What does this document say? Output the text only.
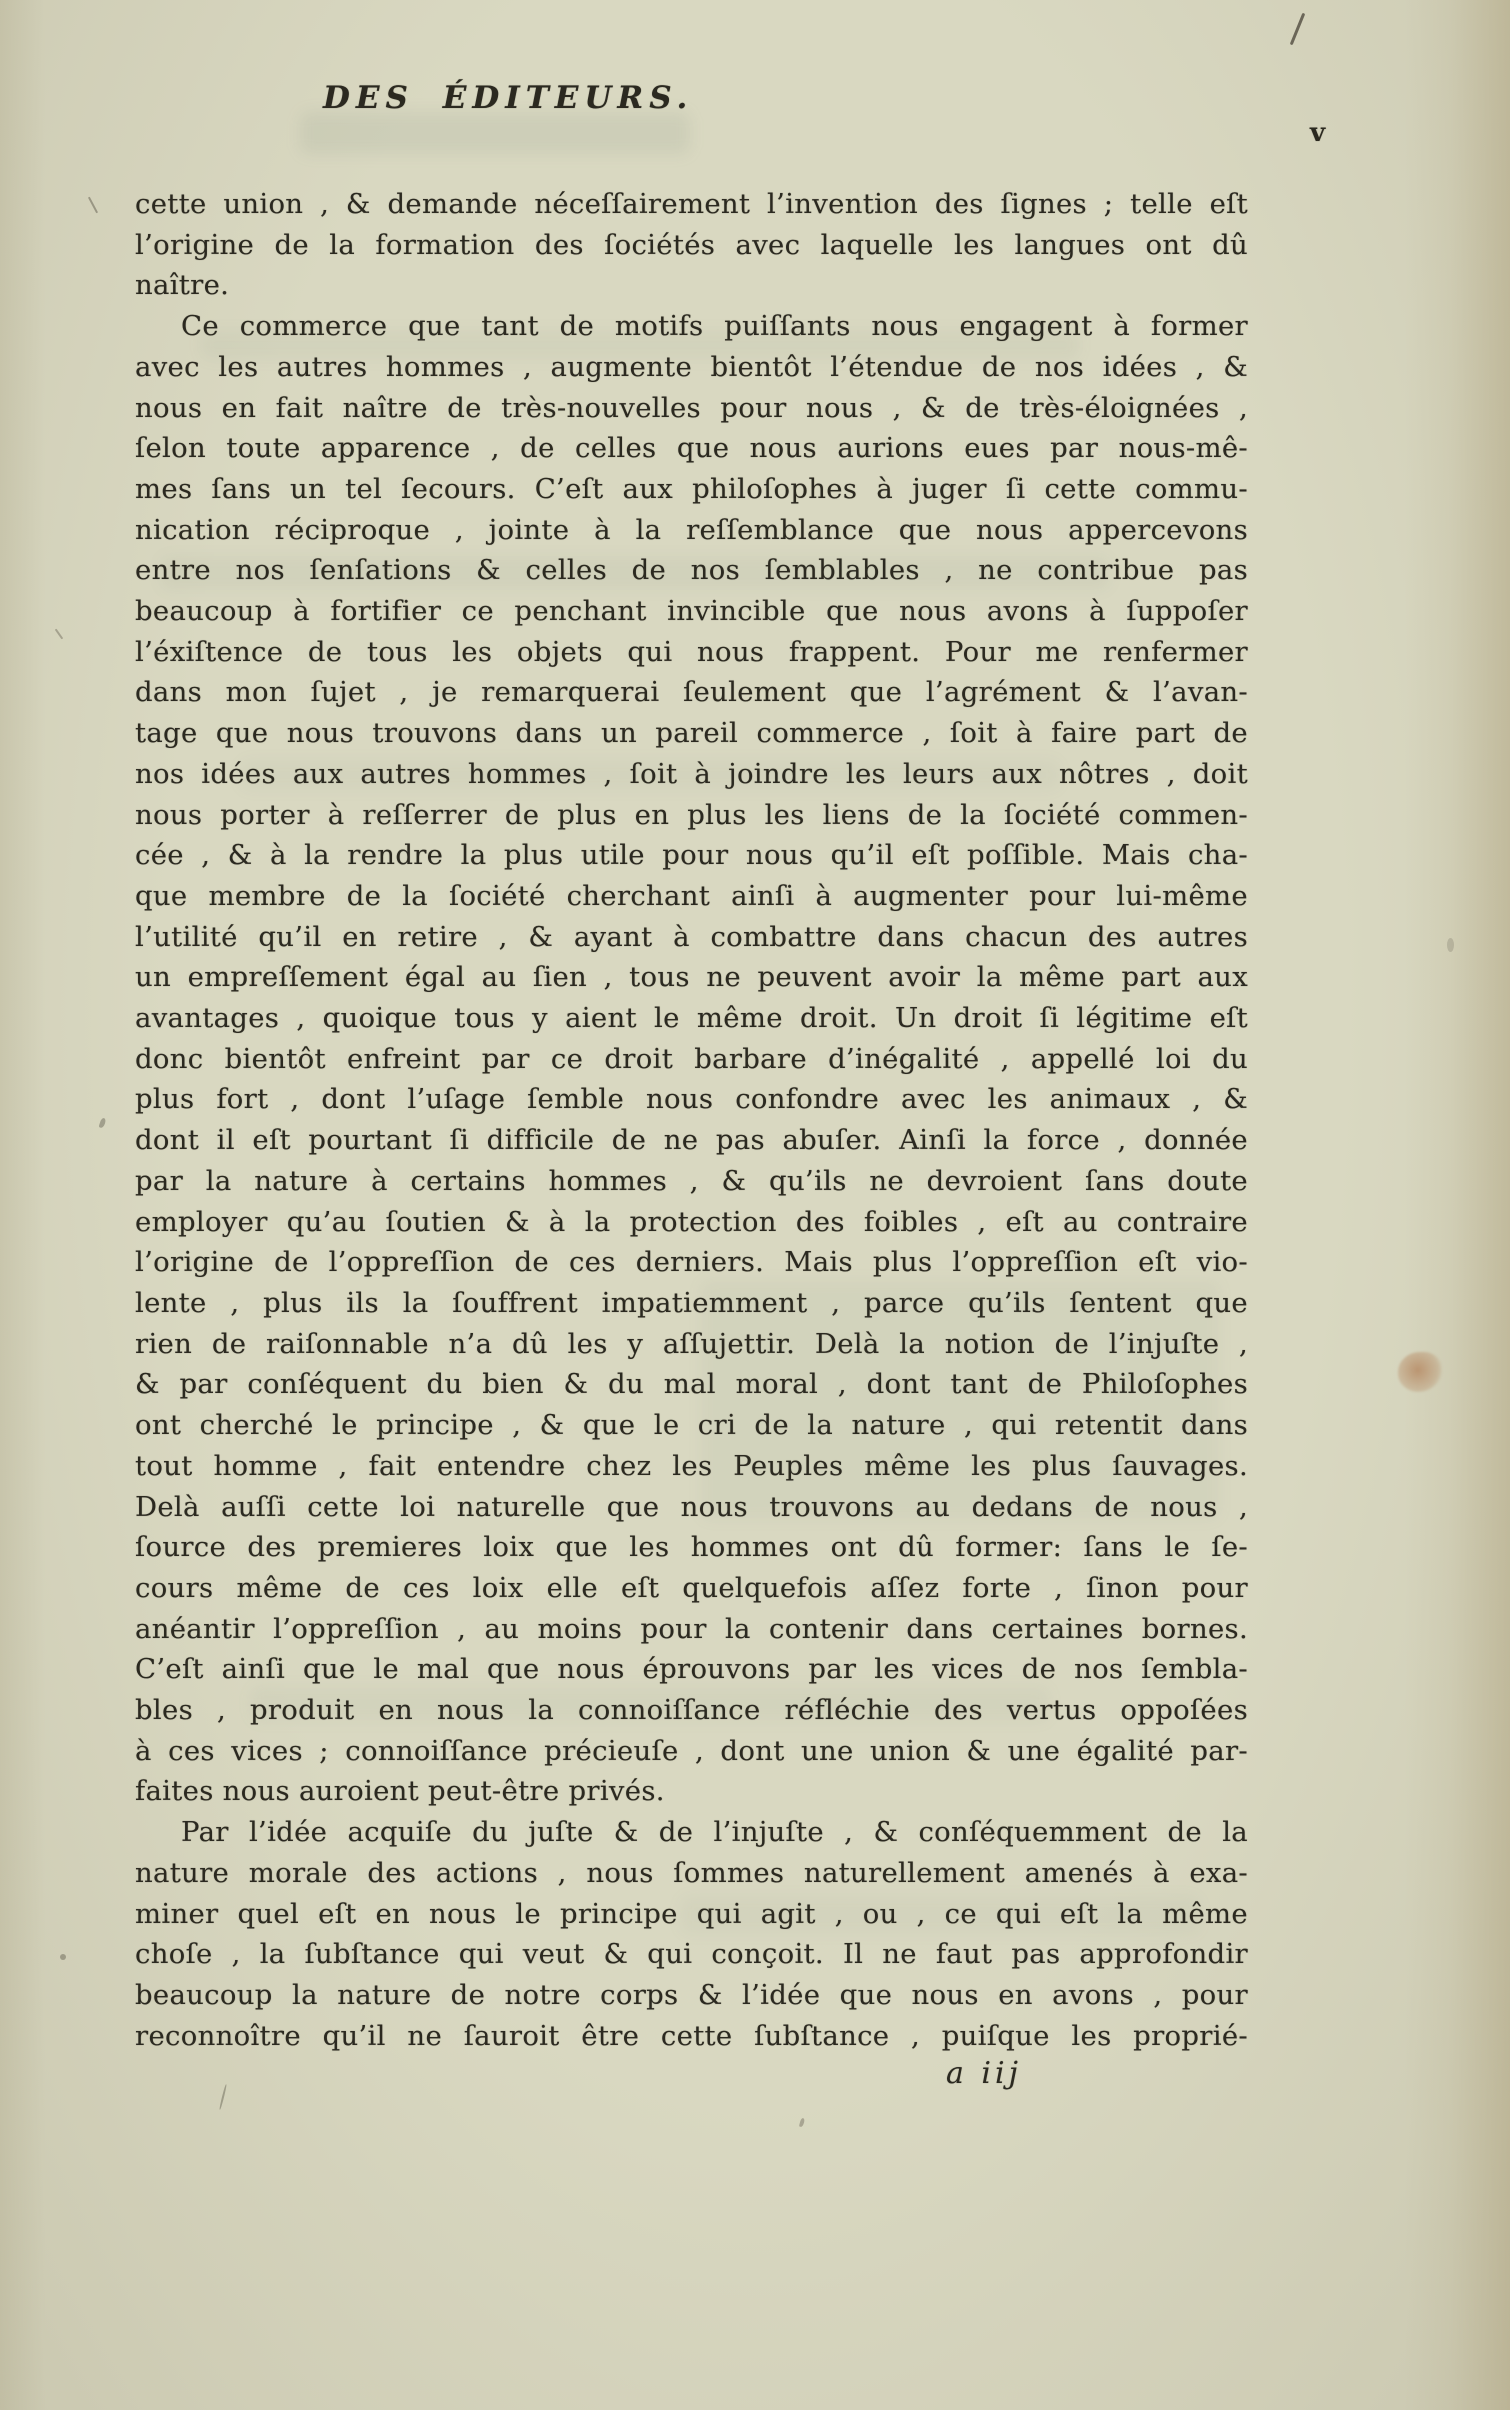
DES ÉDITEURS.
v
cette union , & demande néceſſairement l’invention des ſignes ; telle eſt
l’origine de la formation des ſociétés avec laquelle les langues ont dû
naître.
Ce commerce que tant de motifs puiſſants nous engagent à former
avec les autres hommes , augmente bientôt l’étendue de nos idées , &
nous en fait naître de très-nouvelles pour nous , & de très-éloignées ,
ſelon toute apparence , de celles que nous aurions eues par nous-mê-
mes ſans un tel ſecours. C’eſt aux philoſophes à juger ſi cette commu-
nication réciproque , jointe à la reſſemblance que nous appercevons
entre nos ſenſations & celles de nos ſemblables , ne contribue pas
beaucoup à fortifier ce penchant invincible que nous avons à ſuppoſer
l’éxiſtence de tous les objets qui nous frappent. Pour me renfermer
dans mon ſujet , je remarquerai ſeulement que l’agrément & l’avan-
tage que nous trouvons dans un pareil commerce , ſoit à faire part de
nos idées aux autres hommes , ſoit à joindre les leurs aux nôtres , doit
nous porter à reſſerrer de plus en plus les liens de la ſociété commen-
cée , & à la rendre la plus utile pour nous qu’il eſt poſſible. Mais cha-
que membre de la ſociété cherchant ainſi à augmenter pour lui-même
l’utilité qu’il en retire , & ayant à combattre dans chacun des autres
un empreſſement égal au ſien , tous ne peuvent avoir la même part aux
avantages , quoique tous y aient le même droit. Un droit ſi légitime eſt
donc bientôt enfreint par ce droit barbare d’inégalité , appellé loi du
plus fort , dont l’uſage ſemble nous confondre avec les animaux , &
dont il eſt pourtant ſi difficile de ne pas abuſer. Ainſi la force , donnée
par la nature à certains hommes , & qu’ils ne devroient ſans doute
employer qu’au ſoutien & à la protection des foibles , eſt au contraire
l’origine de l’oppreſſion de ces derniers. Mais plus l’oppreſſion eſt vio-
lente , plus ils la ſouffrent impatiemment , parce qu’ils ſentent que
rien de raiſonnable n’a dû les y aſſujettir. Delà la notion de l’injuſte ,
& par conſéquent du bien & du mal moral , dont tant de Philoſophes
ont cherché le principe , & que le cri de la nature , qui retentit dans
tout homme , fait entendre chez les Peuples même les plus ſauvages.
Delà auſſi cette loi naturelle que nous trouvons au dedans de nous ,
ſource des premieres loix que les hommes ont dû former: ſans le ſe-
cours même de ces loix elle eſt quelquefois aſſez forte , ſinon pour
anéantir l’oppreſſion , au moins pour la contenir dans certaines bornes.
C’eſt ainſi que le mal que nous éprouvons par les vices de nos ſembla-
bles , produit en nous la connoiſſance réfléchie des vertus oppoſées
à ces vices ; connoiſſance précieuſe , dont une union & une égalité par-
faites nous auroient peut-être privés.
Par l’idée acquiſe du juſte & de l’injuſte , & conſéquemment de la
nature morale des actions , nous ſommes naturellement amenés à exa-
miner quel eſt en nous le principe qui agit , ou , ce qui eſt la même
choſe , la ſubſtance qui veut & qui conçoit. Il ne faut pas approfondir
beaucoup la nature de notre corps & l’idée que nous en avons , pour
reconnoître qu’il ne ſauroit être cette ſubſtance , puiſque les proprié-
a iij
